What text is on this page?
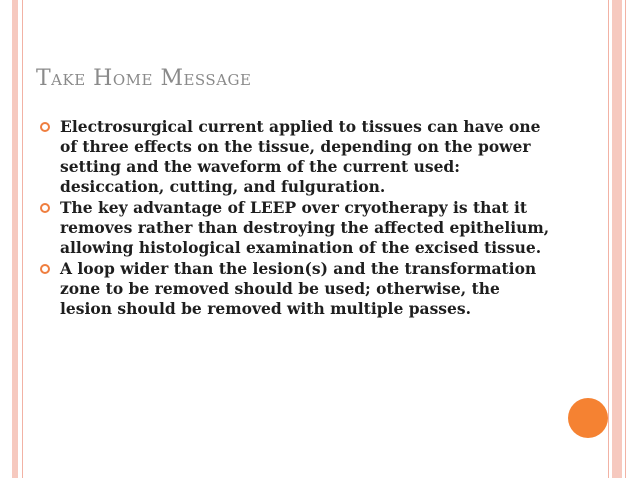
Take Home Message
Electrosurgical current applied to tissues can have one of three effects on the tissue, depending on the power setting and the waveform of the current used: desiccation, cutting, and fulguration.
The key advantage of LEEP over cryotherapy is that it removes rather than destroying the affected epithelium, allowing histological examination of the excised tissue.
A loop wider than the lesion(s) and the transformation zone to be removed should be used; otherwise, the lesion should be removed with multiple passes.
